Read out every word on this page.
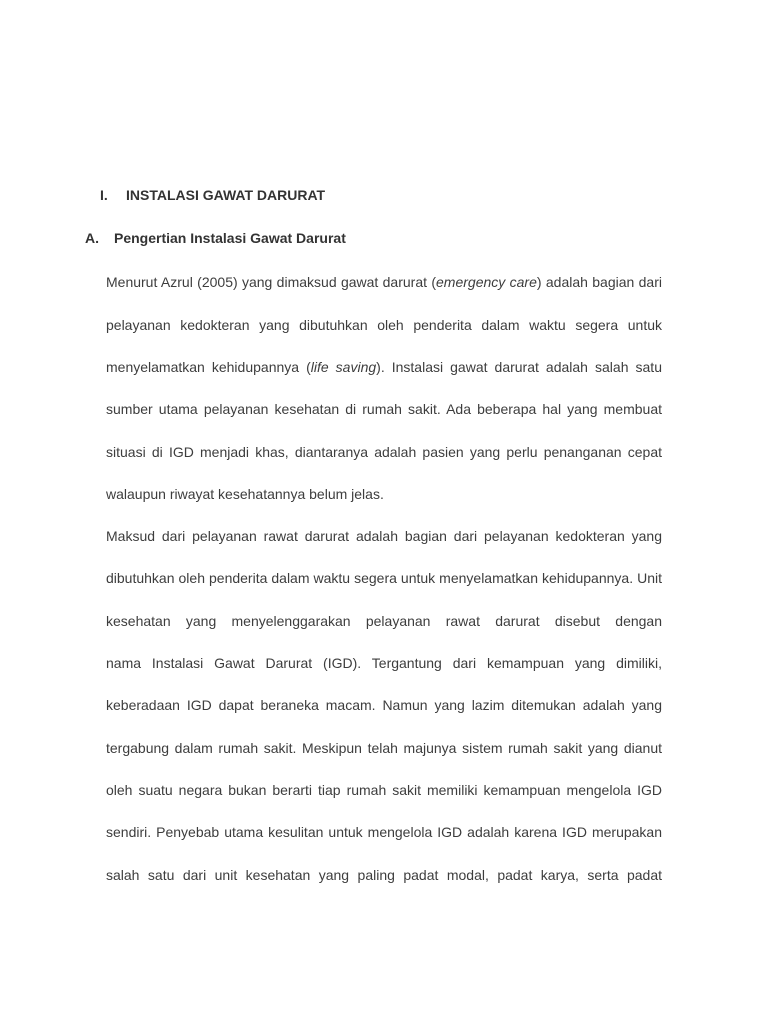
I. INSTALASI GAWAT DARURAT
A. Pengertian Instalasi Gawat Darurat
Menurut Azrul (2005) yang dimaksud gawat darurat (emergency care) adalah bagian dari
pelayanan kedokteran yang dibutuhkan oleh penderita dalam waktu segera untuk
menyelamatkan kehidupannya (life saving). Instalasi gawat darurat adalah salah satu
sumber utama pelayanan kesehatan di rumah sakit. Ada beberapa hal yang membuat
situasi di IGD menjadi khas, diantaranya adalah pasien yang perlu penanganan cepat
walaupun riwayat kesehatannya belum jelas.
Maksud dari pelayanan rawat darurat adalah bagian dari pelayanan kedokteran yang
dibutuhkan oleh penderita dalam waktu segera untuk menyelamatkan kehidupannya. Unit
kesehatan yang menyelenggarakan pelayanan rawat darurat disebut dengan
nama Instalasi Gawat Darurat (IGD). Tergantung dari kemampuan yang dimiliki,
keberadaan IGD dapat beraneka macam. Namun yang lazim ditemukan adalah yang
tergabung dalam rumah sakit. Meskipun telah majunya sistem rumah sakit yang dianut
oleh suatu negara bukan berarti tiap rumah sakit memiliki kemampuan mengelola IGD
sendiri. Penyebab utama kesulitan untuk mengelola IGD adalah karena IGD merupakan
salah satu dari unit kesehatan yang paling padat modal, padat karya, serta padat
